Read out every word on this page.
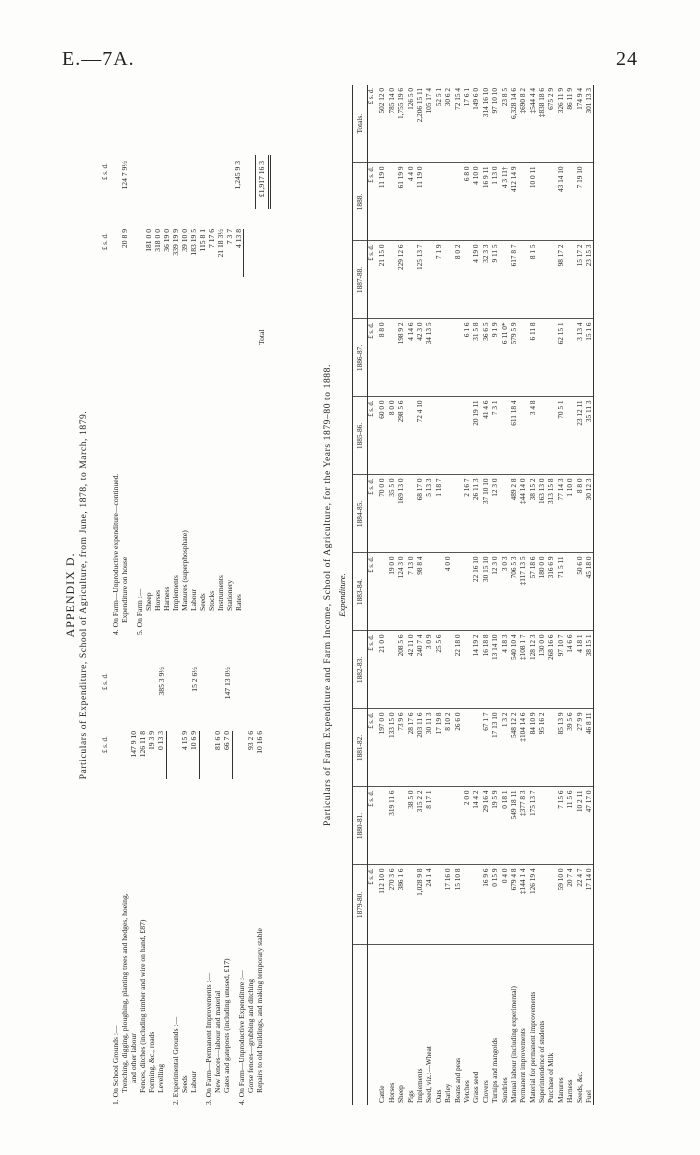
E.—7A.	24
APPENDIX D. Particulars of Expenditure, School of Agriculture, from June, 1878, to March, 1879. £ s. d.
£ s. d.
£ s. d.
£ s. d.
1. On School Grounds :— Trenching, digging, ploughing, planting trees and hedges, hoeing, and other labour
147 9 10
Fences, ditches (including timber and wire on hand, £87)
126 11 8
Forming, &c., roads
19 3 9
Levelling
0 13 3
385 3 9½
2. Experimental Grounds :— Seeds
4 15 9
Labour
10 6 9
15 2 6½
3. On Farm—Permanent Improvements :— New fences—labour and material
81 6 0
Gates and gateposts (including unused, £17)
66 7 0
147 13 0½
4. On Farm—Unproductive Expenditure :— Gorse fences—grubbing and ditching
93 2 6
Repairs to old buildings, and making temporary stable
10 16 6
4. On Farm—Unproductive expenditure—continued. Expenditure on house
20 8 9
124 7 9½
5. On Farm :— Sheep
181 0 0
Horses
318 0 0
Harness
36 19 0
Implements
339 19 9
Manures (superphosphate)
39 10 0
Labour
183 19 5
Seeds
115 8 1
Stocks
7 17 6
Instruments
21 18 3½
Stationery
7 3 7
Rates
4 13 8
1,245 9 3
Total
£1,917 16 3
Particulars of Farm Expenditure and Farm Income, School of Agriculture, for the Years 1879–80 to 1888. Expenditure.
	1879-80.	1880-81.	1881-82.	1882-83.	1883-84.	1884-85.	1885-86.	1886-87.	1887-88.	1888.	Totals.
	£ s. d.	£ s. d.	£ s. d.	£ s. d.	£ s. d.	£ s. d.	£ s. d.	£ s. d.	£ s. d.	£ s. d.	£ s. d.
Cattle	112 10 0		197 0 0	21 0 0		70 0 0	60 0 0	8 8 0	21 15 0	11 19 0	502 12 0
Horses	270 3 6	319 11 6	133 15 0		19 0 0	35 5 0	8 0 0				785 14 0
Sheep	386 1 6		73 9 6	208 5 6	124 3 0	169 13 0	298 5 6	198 9 2	229 12 6	61 19 9	1,755 19 6
Pigs		38 5 0	28 17 6	42 11 0	7 13 0			4 14 6		4 4 0	126 5 0
Implements	1,028 9 8	315 2 2	203 11 6	240 7 4	98 8 4	68 17 0	72 4 10	42 3 0	125 13 7	11 19 0	2,206 15 11
Seed, viz.:—Wheat	24 1 4	8 17 1	30 11 3	3 0 9		5 13 3		34 13 5			105 17 4
Oats			17 19 8	25 5 6		1 18 7			7 1 9		52 5 1
Barley	17 16 0		8 10 2		4 0 0						30 6 2
Beans and peas	15 10 8		26 6 0	22 18 0					8 0 2		72 15 4
Vetches		2 0 0				2 16 7		6 1 6		6 8 0	17 6 1
Grass seed		14 4 2		14 19 2	22 16 10	26 11 3	20 19 11	31 5 8	4 19 0	4 10 0	149 6 0
Clovers	16 9 6	29 16 4	67 1 7	16 18 8	30 15 10	37 10 10	41 4 6	36 6 5	32 3 3	16 9 11	314 16 10
Turnips and mangolds	0 15 9	19 5 9	17 13 10	13 14 10	12 3 0	12 3 0	7 3 1	9 1 9	9 11 5	1 13 0	97 10 10
Sundries	0 4 0	0 18 1	1 3 2	4 18 3	3 0 3			6 11 0*		4 3 11†	23 8 5
Manual labour (including experimental)	679 4 8	549 18 11	548 12 2	540 10 4	706 5 3	489 2 8	611 18 4	579 5 9	617 8 7	412 14 9	6,328 14 6
Permanent improvements	‡144 1 4	‡377 8 3	‡104 14 6	‡108 1 7	‡117 13 5	‡44 14 0					‡690 8 2
Material for permanent improvements	126 19 4	175 13 7	84 10 9	128 12 3	57 18 6	38 15 2	3 4 8	6 11 8	8 1 5	10 0 11	‡544 4 4
Superintendence of students			95 16 2	130 0 0	180 0 0	163 13 0					‡838 18 6
Purchase of Milk				268 16 6	316 6 9	313 15 8					675 2 9
Manures	59 10 0	7 15 6	85 13 9	97 10 7	71 5 11	77 14 3	70 5 1	62 15 1	98 17 2	43 14 10	326 11 9
Harness	20 7 4	11 5 6	39 5 6	14 6 6		1 10 0					86 11 9
Seeds, &c.	22 4 7	10 2 11	27 9 9	4 18 1	50 6 0	8 8 0	23 12 11	3 13 4	15 17 2	7 19 10	174 9 4
Fuel	17 14 0	47 17 0	46 8 11	38 15 1	45 18 0	30 12 3	35 11 3	15 1 6	23 15 3		301 13 3
